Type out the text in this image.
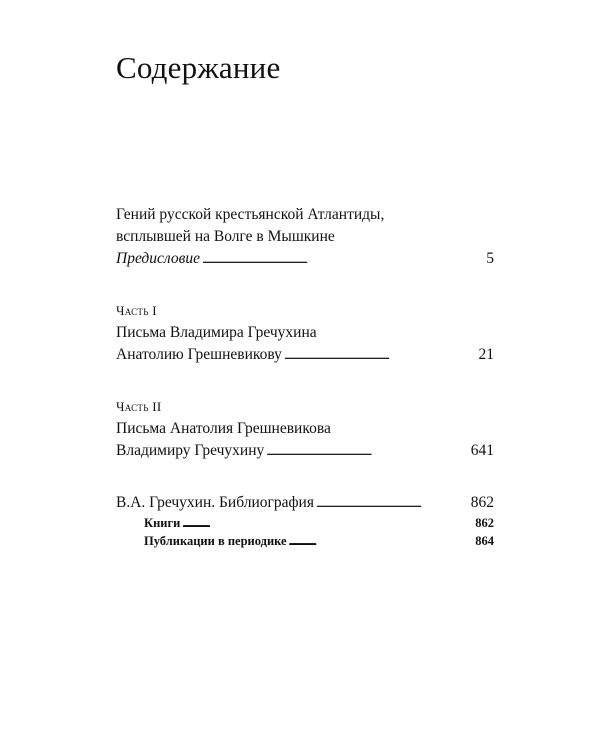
Содержание
Гений русской крестьянской Атлантиды,
всплывшей на Волге в Мышкине
Предисловие . . .	5
Часть I
Письма Владимира Гречухина
Анатолию Грешневикову . . .	21
Часть II
Письма Анатолия Грешневикова
Владимиру Гречухину . . .	641
В.А. Гречухин. Библиография . . .	862
Книги . . .	862
Публикации в периодике . . .	864
